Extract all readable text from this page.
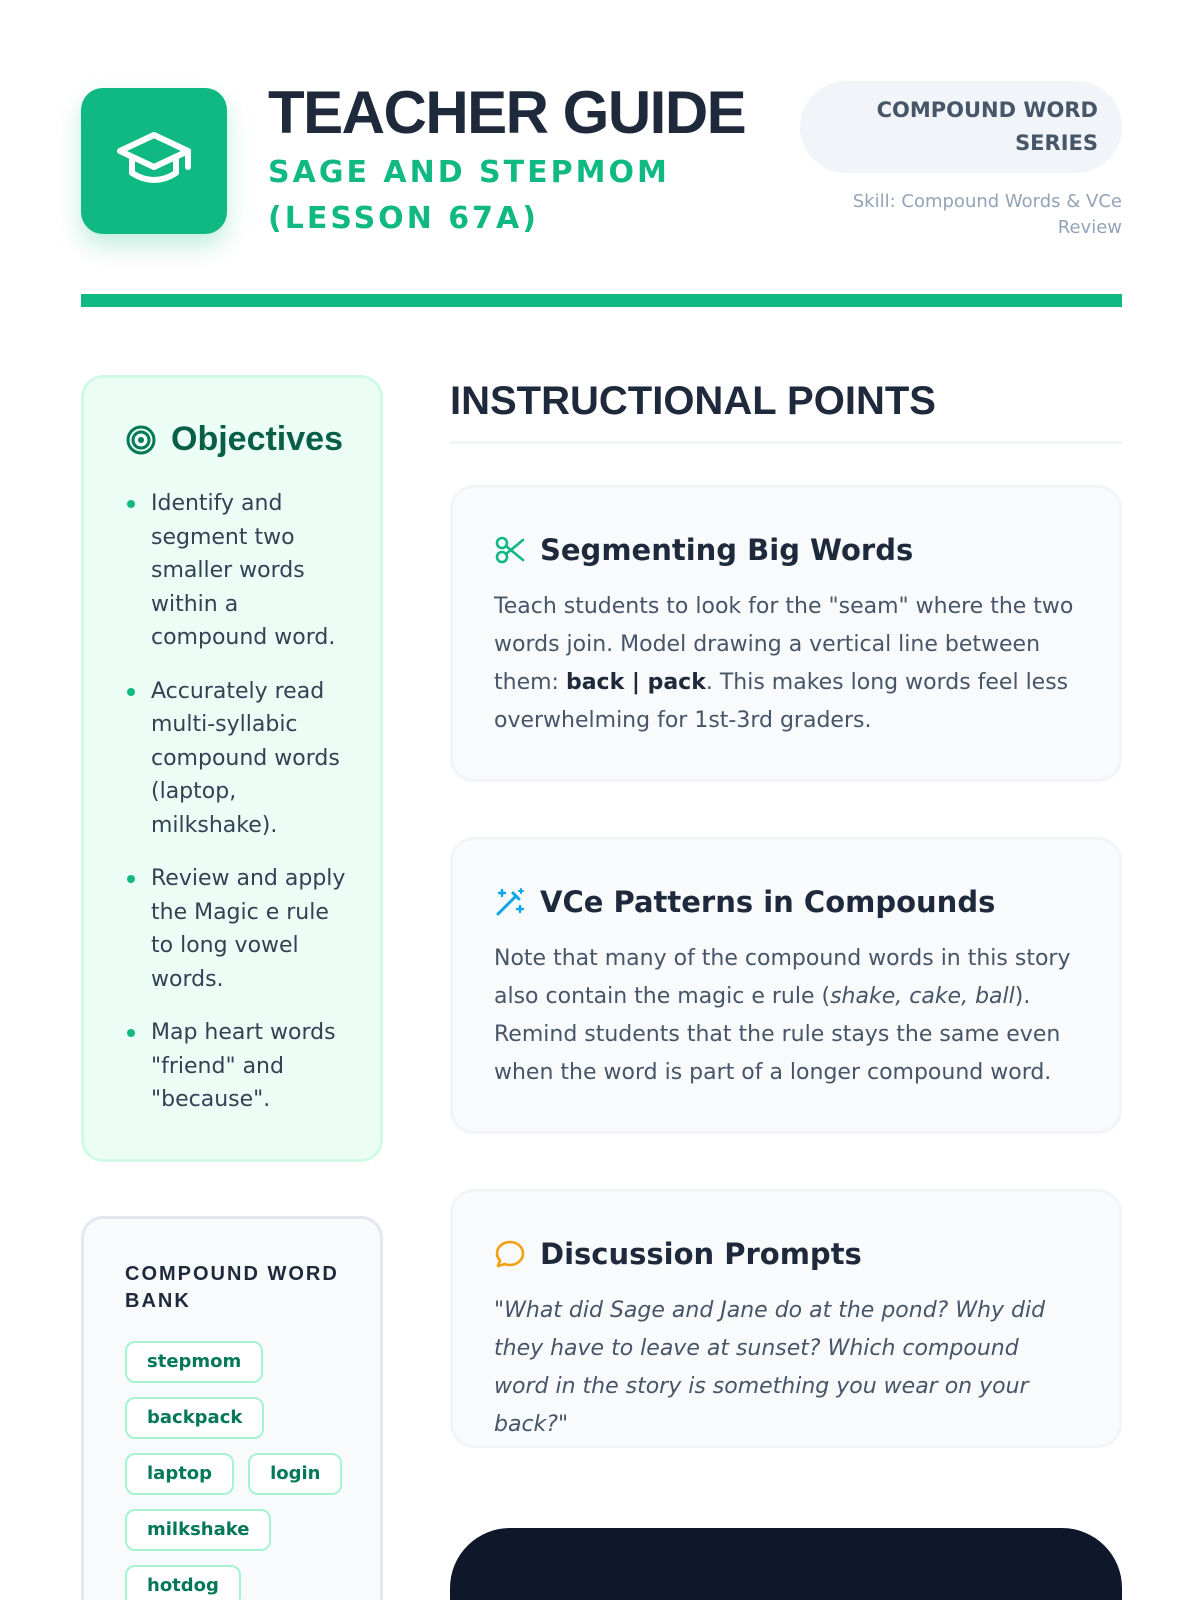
TEACHER GUIDE
SAGE AND STEPMOM (LESSON 67A)
COMPOUND WORD SERIES
Skill: Compound Words & VCe Review
Objectives
Identify and segment two smaller words within a compound word.
Accurately read multi-syllabic compound words (laptop, milkshake).
Review and apply the Magic e rule to long vowel words.
Map heart words "friend" and "because".
COMPOUND WORD BANK
stepmom
backpack
laptop	login
milkshake
hotdog
INSTRUCTIONAL POINTS
Segmenting Big Words
Teach students to look for the "seam" where the two words join. Model drawing a vertical line between them: back | pack. This makes long words feel less overwhelming for 1st-3rd graders.
VCe Patterns in Compounds
Note that many of the compound words in this story also contain the magic e rule (shake, cake, ball). Remind students that the rule stays the same even when the word is part of a longer compound word.
Discussion Prompts
"What did Sage and Jane do at the pond? Why did they have to leave at sunset? Which compound word in the story is something you wear on your back?"
